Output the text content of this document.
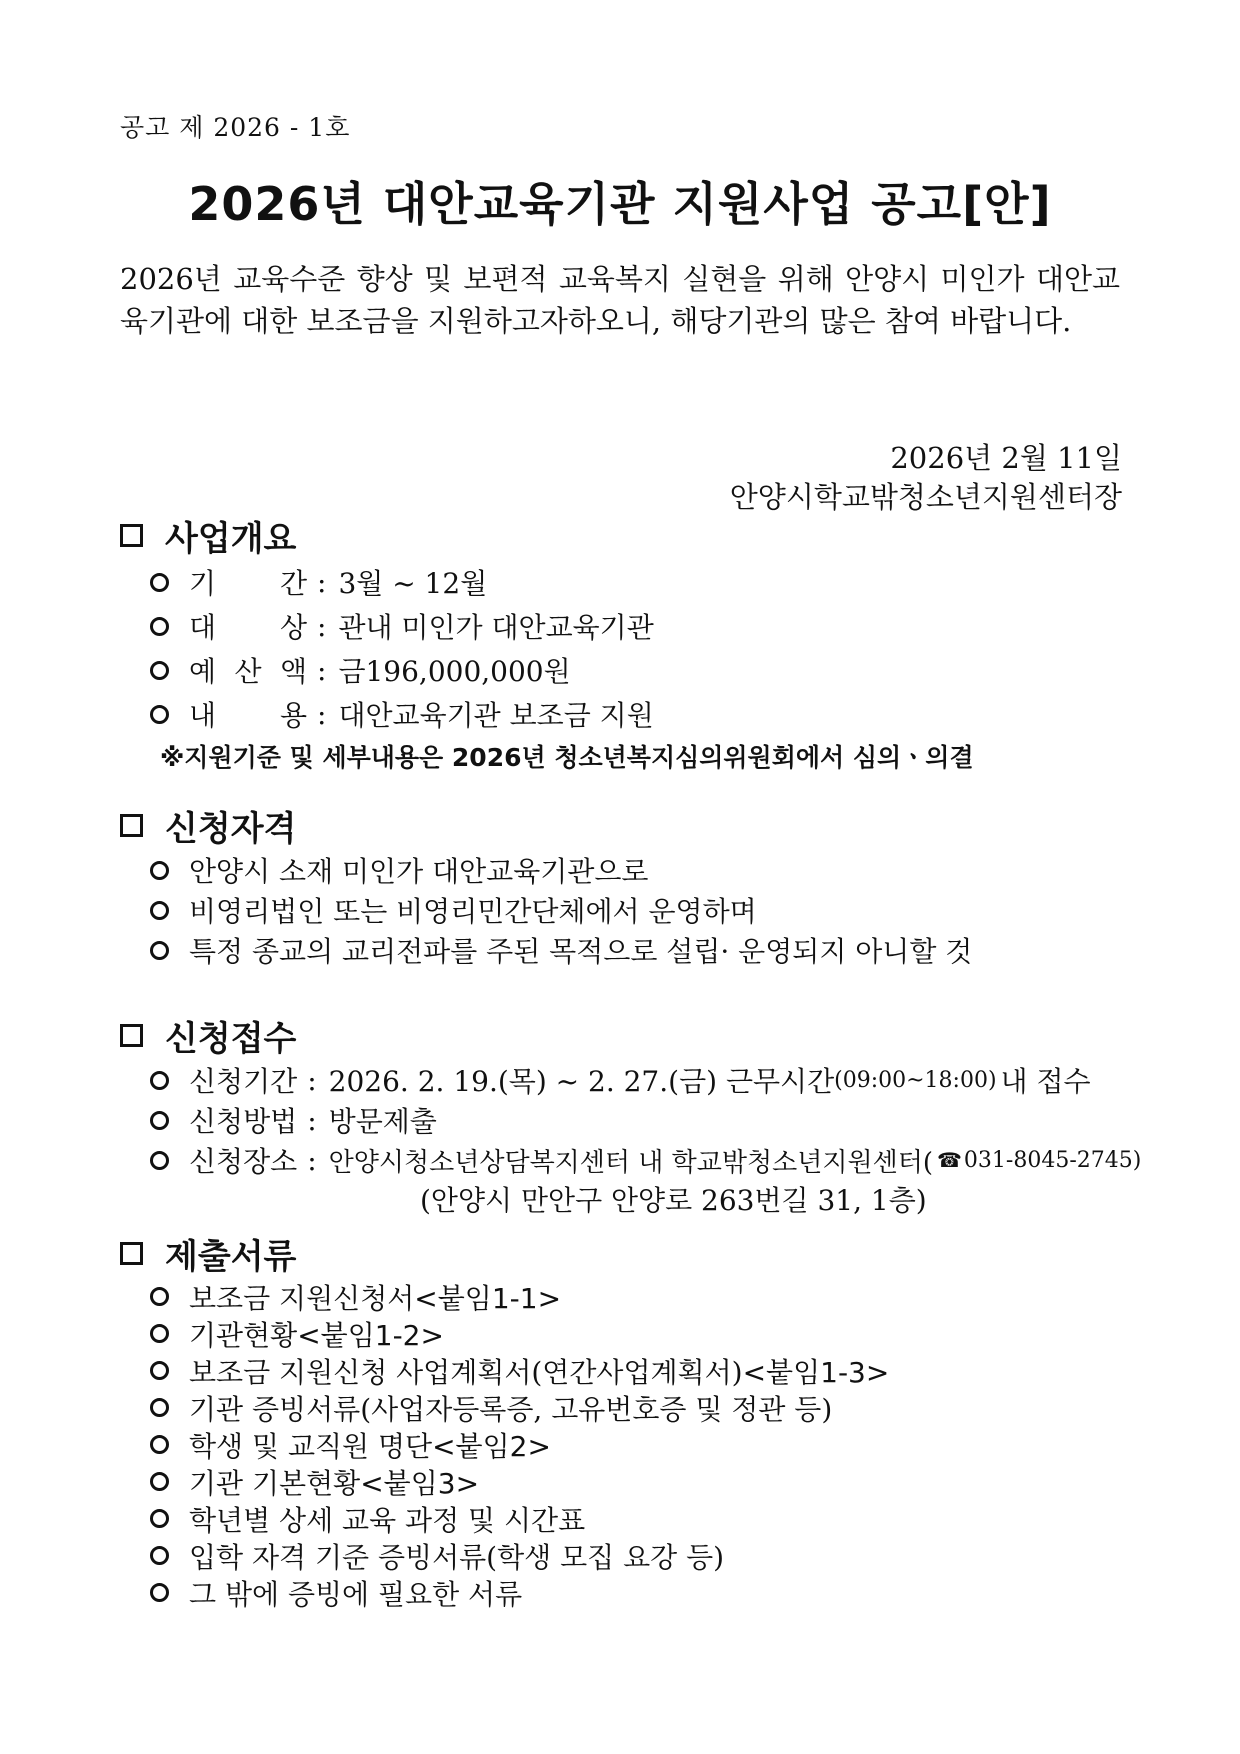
공고 제 2026 - 1호
2026년 대안교육기관 지원사업 공고[안]
2026년 교육수준 향상 및 보편적 교육복지 실현을 위해 안양시 미인가 대안교육기관에 대한 보조금을 지원하고자하오니, 해당기관의 많은 참여 바랍니다.
2026년 2월 11일
안양시학교밖청소년지원센터장
사업개요
기 간 : 3월 ~ 12월
대 상 : 관내 미인가 대안교육기관
예 산 액 : 금196,000,000원
내 용 : 대안교육기관 보조금 지원
※지원기준 및 세부내용은 2026년 청소년복지심의위원회에서 심의ㆍ의결
신청자격
안양시 소재 미인가 대안교육기관으로
비영리법인 또는 비영리민간단체에서 운영하며
특정 종교의 교리전파를 주된 목적으로 설립· 운영되지 아니할 것
신청접수
신청기간 : 2026. 2. 19.(목) ~ 2. 27.(금) 근무시간 (09:00~18:00) 내 접수
신청방법 : 방문제출
신청장소 : 안양시청소년상담복지센터 내 학교밖청소년지원센터( ☎ 031-8045-2745)
(안양시 만안구 안양로 263번길 31, 1층)
제출서류
보조금 지원신청서 <붙임1-1>
기관현황 <붙임1-2>
보조금 지원신청 사업계획서(연간사업계획서) <붙임1-3>
기관 증빙서류(사업자등록증, 고유번호증 및 정관 등)
학생 및 교직원 명단 <붙임2>
기관 기본현황 <붙임3>
학년별 상세 교육 과정 및 시간표
입학 자격 기준 증빙서류(학생 모집 요강 등)
그 밖에 증빙에 필요한 서류
